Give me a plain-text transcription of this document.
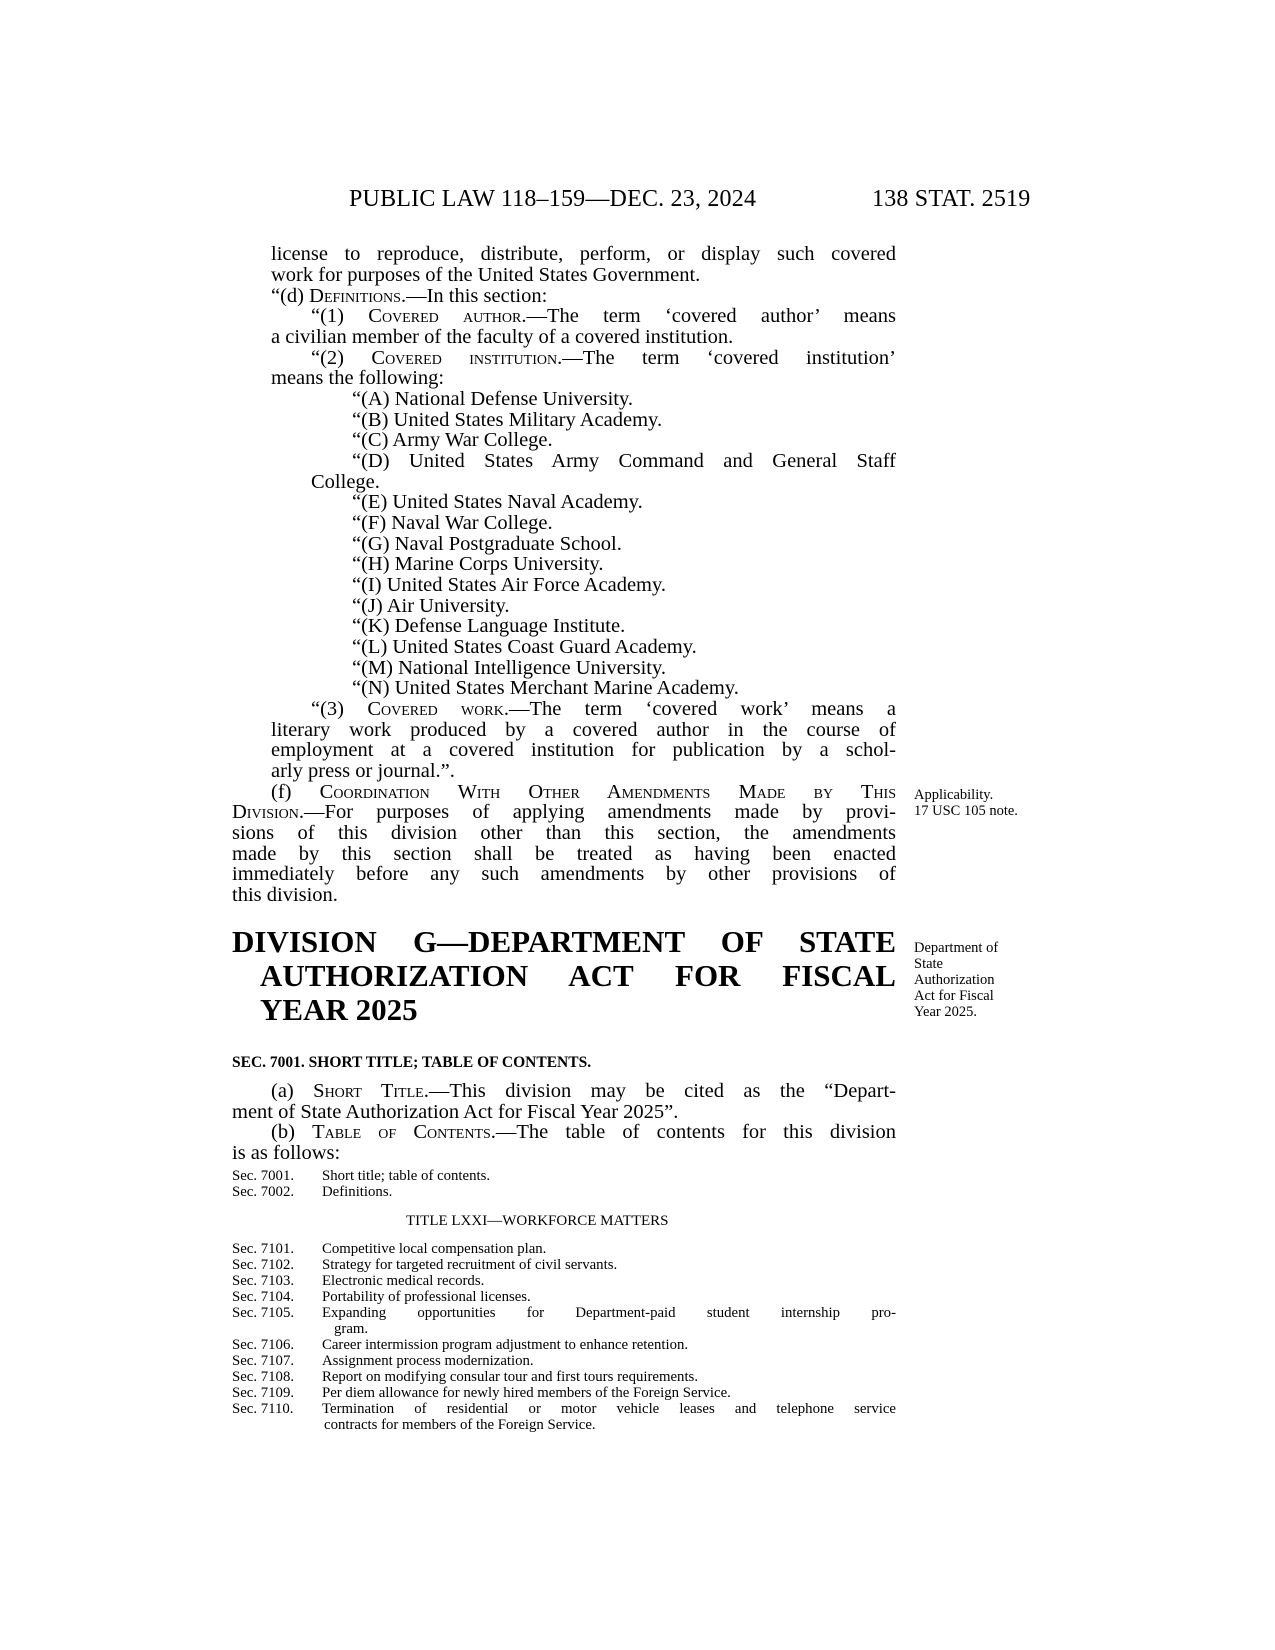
PUBLIC LAW 118–159—DEC. 23, 2024	138 STAT. 2519
license to reproduce, distribute, perform, or display such covered
work for purposes of the United States Government.
“(d) Definitions.—In this section:
“(1) Covered author.—The term ‘covered author’ means
a civilian member of the faculty of a covered institution.
“(2) Covered institution.—The term ‘covered institution’
means the following:
“(A) National Defense University.
“(B) United States Military Academy.
“(C) Army War College.
“(D) United States Army Command and General Staff
College.
“(E) United States Naval Academy.
“(F) Naval War College.
“(G) Naval Postgraduate School.
“(H) Marine Corps University.
“(I) United States Air Force Academy.
“(J) Air University.
“(K) Defense Language Institute.
“(L) United States Coast Guard Academy.
“(M) National Intelligence University.
“(N) United States Merchant Marine Academy.
“(3) Covered work.—The term ‘covered work’ means a
literary work produced by a covered author in the course of
employment at a covered institution for publication by a schol-
arly press or journal.”.
(f) Coordination With Other Amendments Made by This
Division.—For purposes of applying amendments made by provi-
sions of this division other than this section, the amendments
made by this section shall be treated as having been enacted
immediately before any such amendments by other provisions of
this division.
Applicability.
17 USC 105 note.
Department of
State
Authorization
Act for Fiscal
Year 2025.
DIVISION G—DEPARTMENT OF STATE
AUTHORIZATION ACT FOR FISCAL
YEAR 2025
SEC. 7001. SHORT TITLE; TABLE OF CONTENTS.
(a) Short Title.—This division may be cited as the “Depart-
ment of State Authorization Act for Fiscal Year 2025”.
(b) Table of Contents.—The table of contents for this division
is as follows:
Sec. 7001. Short title; table of contents.
Sec. 7002. Definitions.
TITLE LXXI—WORKFORCE MATTERS
Sec. 7101. Competitive local compensation plan.
Sec. 7102. Strategy for targeted recruitment of civil servants.
Sec. 7103. Electronic medical records.
Sec. 7104. Portability of professional licenses.
Sec. 7105. Expanding opportunities for Department-paid student internship pro-
gram.
Sec. 7106. Career intermission program adjustment to enhance retention.
Sec. 7107. Assignment process modernization.
Sec. 7108. Report on modifying consular tour and first tours requirements.
Sec. 7109. Per diem allowance for newly hired members of the Foreign Service.
Sec. 7110. Termination of residential or motor vehicle leases and telephone service
contracts for members of the Foreign Service.
